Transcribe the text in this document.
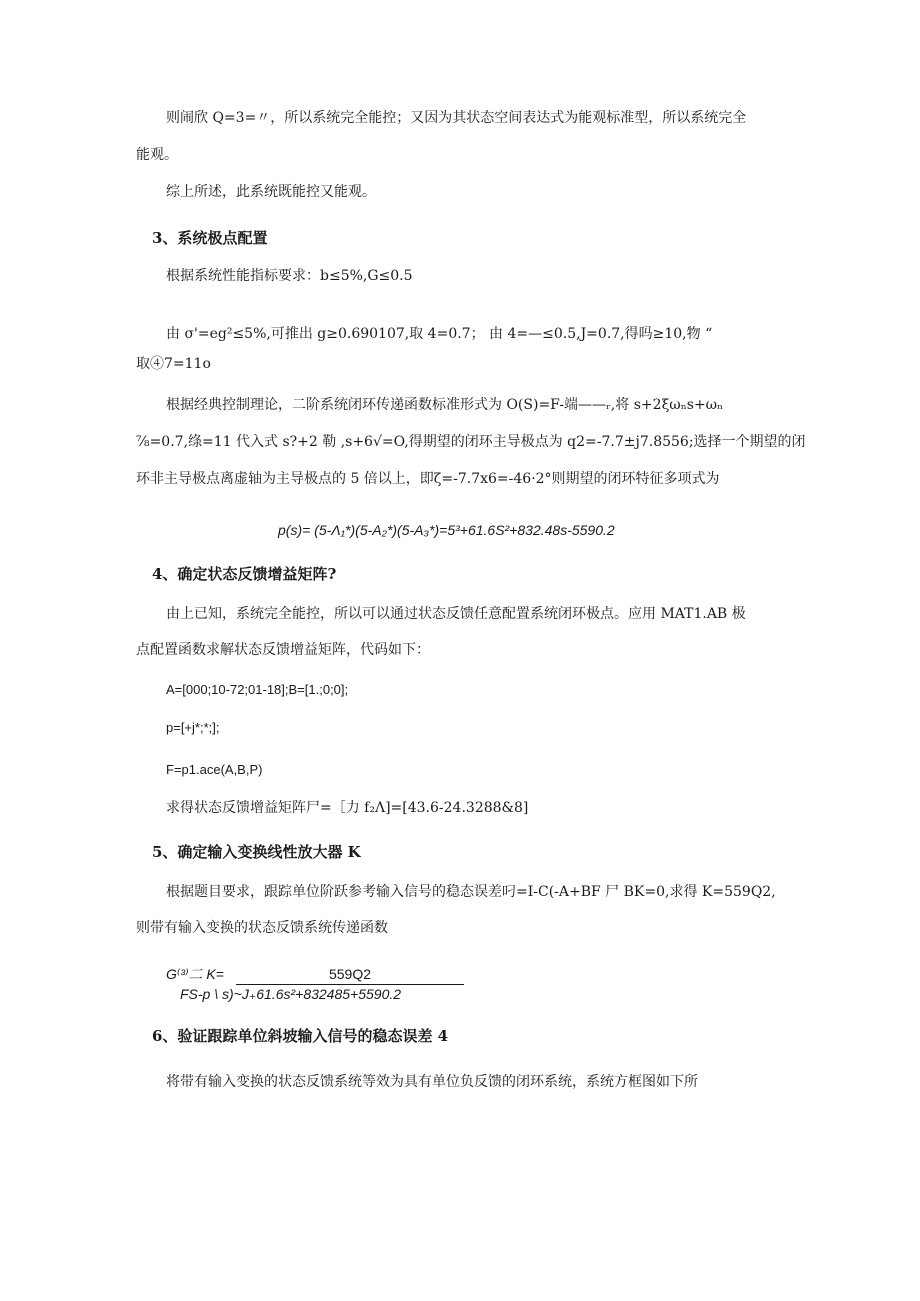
则闹欣 Q=3=〃，所以系统完全能控；又因为其状态空间表达式为能观标准型，所以系统完全
能观。
综上所述，此系统既能控又能观。
3、系统极点配置
根据系统性能指标要求：b≤5%,G≤0.5
由 σ'=eg²≤5%,可推出 g≥0.690107,取 4=0.7； 由 4=—≤0.5,J=0.7,得吗≥10,物 “
取④7=11o
根据经典控制理论，二阶系统闭环传递函数标准形式为 O(S)=F-端——ᵣ,将 s+2ξωₙs+ωₙ
⅞=0.7,绦=11 代入式 s?+2 勒 ,s+6√=O,得期望的闭环主导极点为 q2=-7.7±j7.8556;选择一个期望的闭
环非主导极点离虚轴为主导极点的 5 倍以上，即ζ=-7.7x6=-46·2°则期望的闭环特征多项式为
p(s)= (5-Λ₁*)(5-A₂*)(5-A₃*)=5³+61.6S²+832.48s-5590.2
4、确定状态反馈增益矩阵?
由上已知，系统完全能控，所以可以通过状态反馈任意配置系统闭环极点。应用 MAT1.AB 极
点配置函数求解状态反馈增益矩阵，代码如下：
A=[000;10-72;01-18];B=[1.;0;0];
p=[+j*;*;];
F=p1.ace(A,B,P)
求得状态反馈增益矩阵尸=［力 f₂Λ]=[43.6-24.3288&8]
5、确定输入变换线性放大器 K
根据题目要求，跟踪单位阶跃参考输入信号的稳态误差叼=I-C(-A+BF 尸 BK=0,求得 K=559Q2,
则带有输入变换的状态反馈系统传递函数
G⁽³⁾二 K=	559Q2
FS-p \ s)~J₊61.6s²+832485+5590.2
6、验证跟踪单位斜坡输入信号的稳态误差 4
将带有输入变换的状态反馈系统等效为具有单位负反馈的闭环系统，系统方框图如下所
